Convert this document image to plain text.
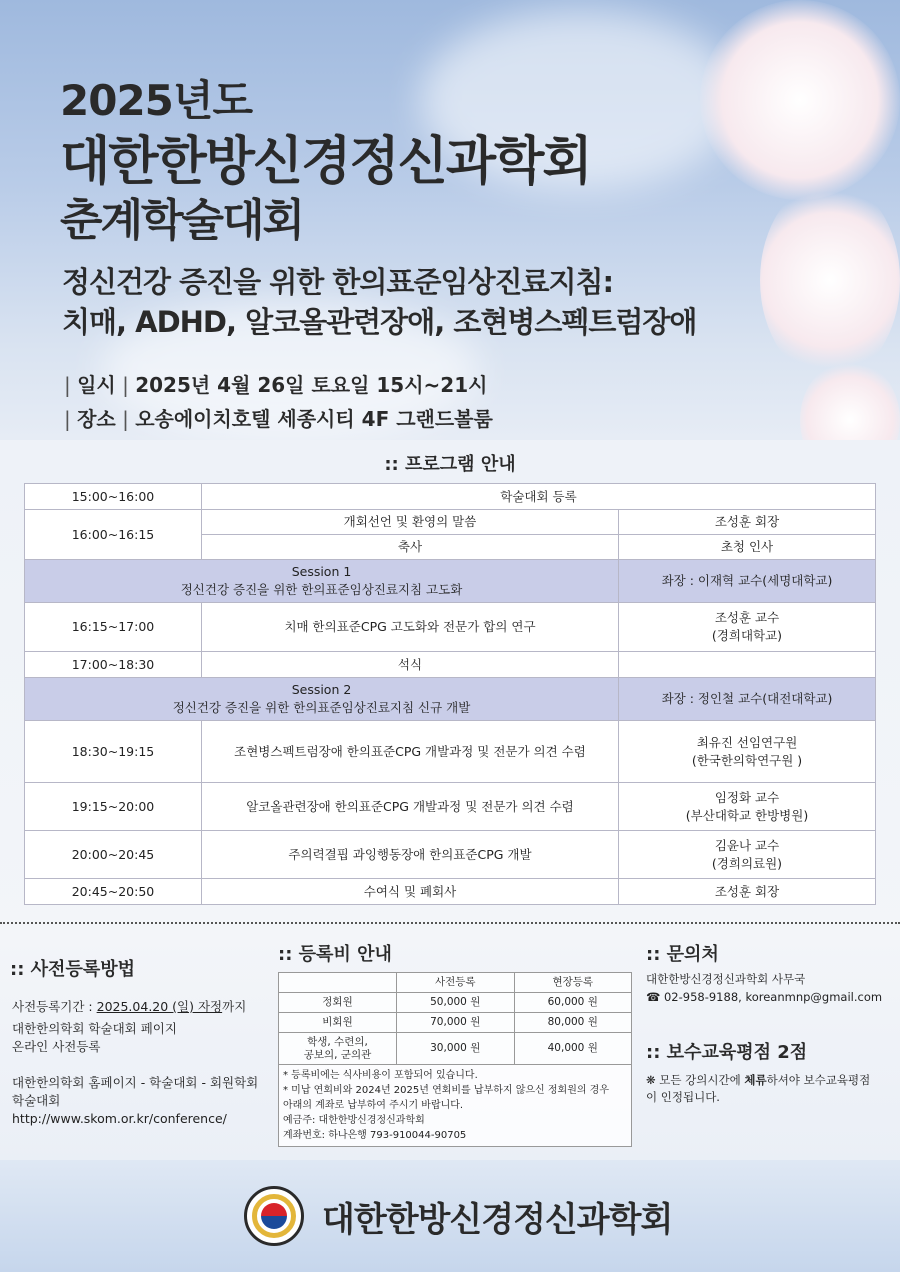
2025년도
대한한방신경정신과학회
춘계학술대회
정신건강 증진을 위한 한의표준임상진료지침:
치매, ADHD, 알코올관련장애, 조현병스펙트럼장애
| 일시 | 2025년 4월 26일 토요일 15시~21시
| 장소 | 오송에이치호텔 세종시티 4F 그랜드볼룸
:: 프로그램 안내
15:00~16:00	학술대회 등록	
16:00~16:15	개회선언 및 환영의 말씀	조성훈 회장
	축사	초청 인사

Session 1
정신건강 증진을 위한 한의표준임상진료지침 고도화		좌장 : 이재혁 교수(세명대학교)
16:15~17:00	치매 한의표준CPG 고도화와 전문가 합의 연구	조성훈 교수
(경희대학교)

17:00~18:30	석식	

Session 2
정신건강 증진을 위한 한의표준임상진료지침 신규 개발		좌장 : 정인철 교수(대전대학교)
18:30~19:15	조현병스펙트럼장애 한의표준CPG 개발과정 및 전문가 의견 수렴	최유진 선임연구원
(한국한의학연구원 )

19:15~20:00	알코올관련장애 한의표준CPG 개발과정 및 전문가 의견 수렴	임정화 교수
(부산대학교 한방병원)

20:00~20:45	주의력결핍 과잉행동장애 한의표준CPG 개발	김윤나 교수
(경희의료원)

20:45~20:50	수여식 및 폐회사	조성훈 회장
:: 사전등록방법
사전등록기간 : 2025.04.20 (일) 자정까지
대한한의학회 학술대회 페이지
온라인 사전등록
대한한의학회 홈페이지 - 학술대회 - 회원학회
학술대회
http://www.skom.or.kr/conference/
:: 등록비 안내
	사전등록	현장등록
정회원	50,000 원	60,000 원
비회원	70,000 원	80,000 원

학생, 수련의,
공보의, 군의관	30,000 원	40,000 원
* 등록비에는 식사비용이 포함되어 있습니다.
* 미납 연회비와 2024년 2025년 연회비를 납부하지 않으신 정회원의 경우
아래의 계좌로 납부하여 주시기 바랍니다.
예금주: 대한한방신경정신과학회
계좌번호: 하나은행 793-910044-90705
:: 문의처
대한한방신경정신과학회 사무국
☎ 02-958-9188, koreanmnp@gmail.com
:: 보수교육평점 2점
❋ 모든 강의시간에 체류하셔야 보수교육평점
이 인정됩니다.
대한한방신경정신과학회
